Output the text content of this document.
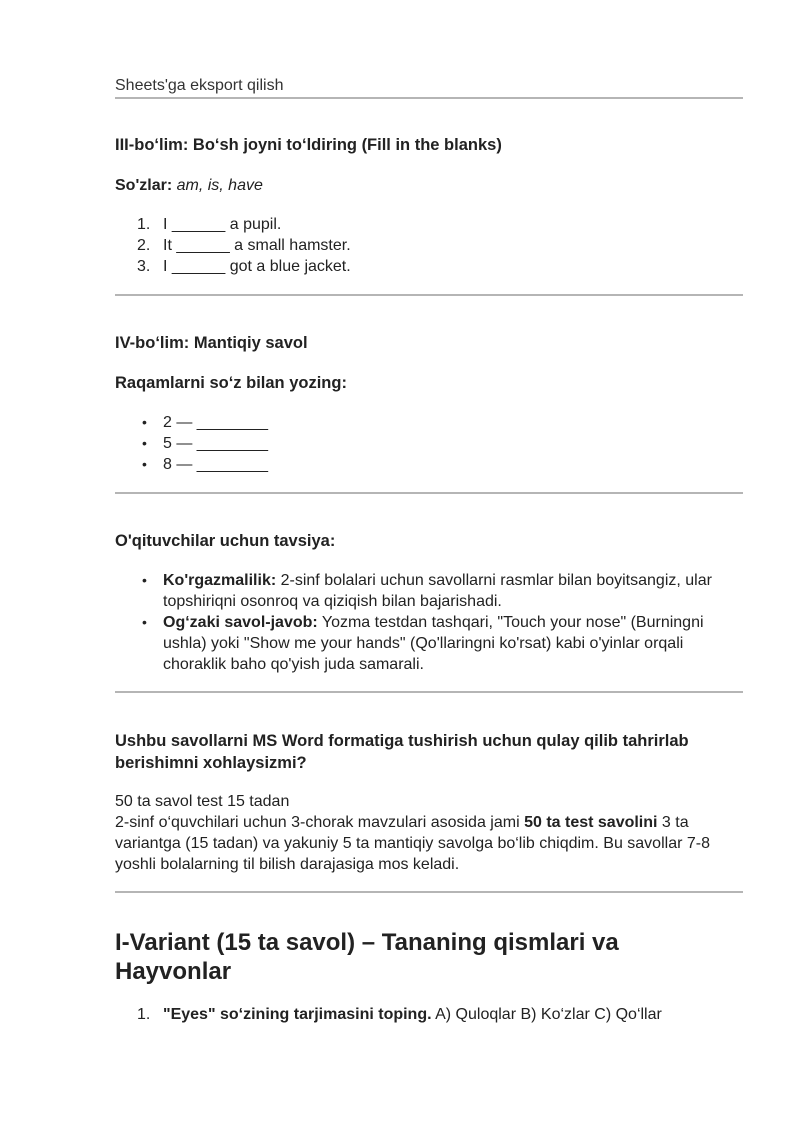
Sheets'ga eksport qilish
III-bo‘lim: Bo‘sh joyni to‘ldiring (Fill in the blanks)
So'zlar: am, is, have
1. I ______ a pupil.
2. It ______ a small hamster.
3. I ______ got a blue jacket.
IV-bo‘lim: Mantiqiy savol
Raqamlarni so‘z bilan yozing:
• 2 — ________
• 5 — ________
• 8 — ________
O'qituvchilar uchun tavsiya:
• Ko'rgazmalilik: 2-sinf bolalari uchun savollarni rasmlar bilan boyitsangiz, ular topshiriqni osonroq va qiziqish bilan bajarishadi.
• Og‘zaki savol-javob: Yozma testdan tashqari, "Touch your nose" (Burningni ushla) yoki "Show me your hands" (Qo'llaringni ko'rsat) kabi o'yinlar orqali choraklik baho qo'yish juda samarali.
Ushbu savollarni MS Word formatiga tushirish uchun qulay qilib tahrirlab berishimni xohlaysizmi?
50 ta savol test 15 tadan
2-sinf o‘quvchilari uchun 3-chorak mavzulari asosida jami 50 ta test savolini 3 ta variantga (15 tadan) va yakuniy 5 ta mantiqiy savolga bo‘lib chiqdim. Bu savollar 7-8 yoshli bolalarning til bilish darajasiga mos keladi.
I-Variant (15 ta savol) – Tananing qismlari va Hayvonlar
1. "Eyes" so‘zining tarjimasini toping. A) Quloqlar B) Ko‘zlar C) Qo‘llar
